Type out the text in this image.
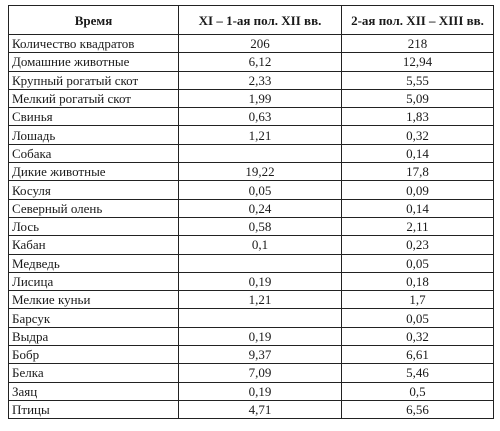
Время	XI – 1-ая пол. XII вв.	2-ая пол. XII – XIII вв.
Количество квадратов	206	218
Домашние животные	6,12	12,94
Крупный рогатый скот	2,33	5,55
Мелкий рогатый скот	1,99	5,09
Свинья	0,63	1,83
Лошадь	1,21	0,32
Собака		0,14
Дикие животные	19,22	17,8
Косуля	0,05	0,09
Северный олень	0,24	0,14
Лось	0,58	2,11
Кабан	0,1	0,23
Медведь		0,05
Лисица	0,19	0,18
Мелкие куньи	1,21	1,7
Барсук		0,05
Выдра	0,19	0,32
Бобр	9,37	6,61
Белка	7,09	5,46
Заяц	0,19	0,5
Птицы	4,71	6,56
